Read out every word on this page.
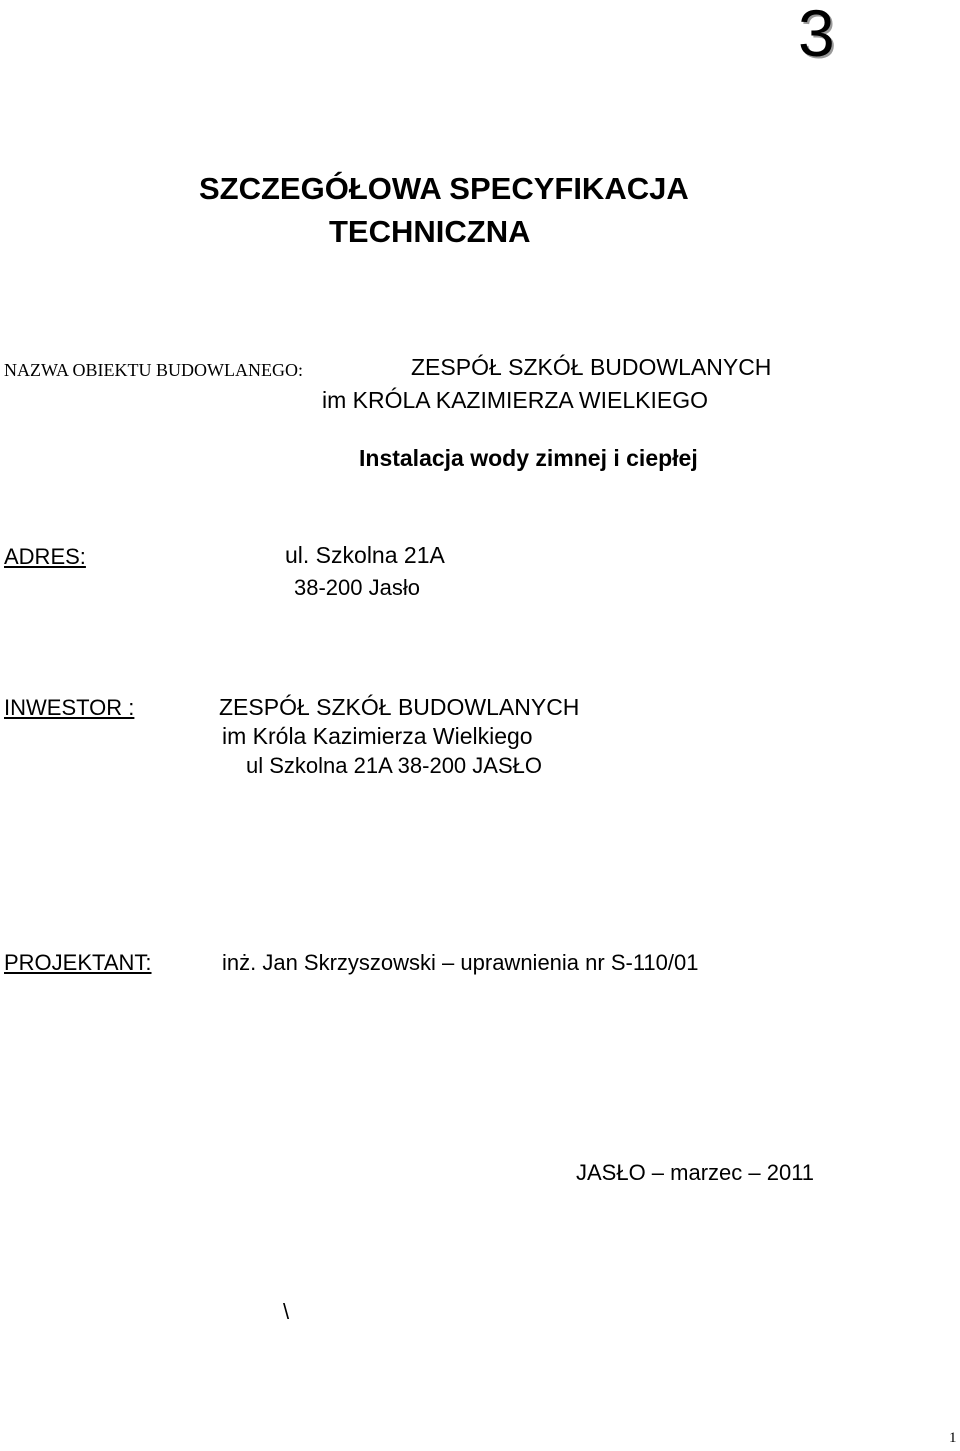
3
SZCZEGÓŁOWA SPECYFIKACJA
TECHNICZNA
NAZWA OBIEKTU BUDOWLANEGO:	ZESPÓŁ SZKÓŁ BUDOWLANYCH
im KRÓLA KAZIMIERZA WIELKIEGO
Instalacja wody zimnej i ciepłej
ADRES:	ul. Szkolna 21A
38-200 Jasło
INWESTOR :	ZESPÓŁ SZKÓŁ BUDOWLANYCH
im Króla Kazimierza Wielkiego
ul Szkolna 21A 38-200 JASŁO
PROJEKTANT:	inż. Jan Skrzyszowski – uprawnienia nr S-110/01
JASŁO – marzec – 2011
\
1
